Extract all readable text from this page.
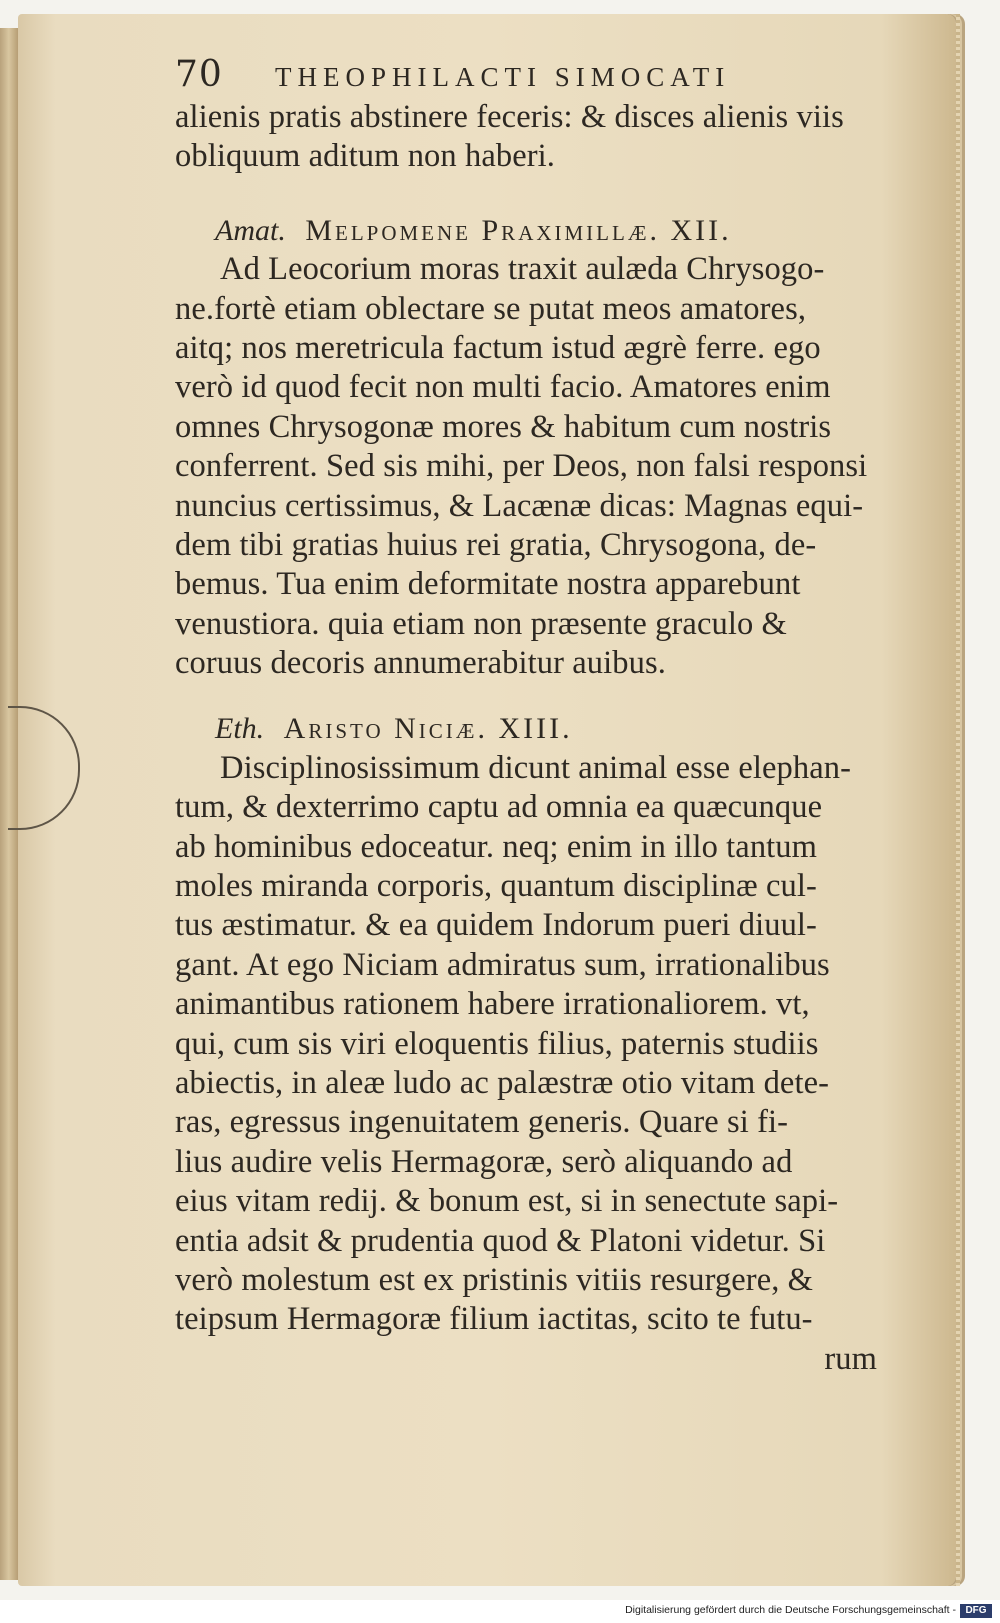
70	THEOPHILACTI SIMOCATI
alienis pratis abstinere feceris: & disces alienis viis
obliquum aditum non haberi.
Amat. Melpomene Praximillæ. XII.
Ad Leocorium moras traxit aulæda Chrysogo-
ne.fortè etiam oblectare se putat meos amatores,
aitq; nos meretricula factum istud ægrè ferre. ego
verò id quod fecit non multi facio. Amatores enim
omnes Chrysogonæ mores & habitum cum nostris
conferrent. Sed sis mihi, per Deos, non falsi responsi
nuncius certissimus, & Lacænæ dicas: Magnas equi-
dem tibi gratias huius rei gratia, Chrysogona, de-
bemus. Tua enim deformitate nostra apparebunt
venustiora. quia etiam non præsente graculo &
coruus decoris annumerabitur auibus.
Eth. Aristo Niciæ. XIII.
Disciplinosissimum dicunt animal esse elephan-
tum, & dexterrimo captu ad omnia ea quæcunque
ab hominibus edoceatur. neq; enim in illo tantum
moles miranda corporis, quantum disciplinæ cul-
tus æstimatur. & ea quidem Indorum pueri diuul-
gant. At ego Niciam admiratus sum, irrationalibus
animantibus rationem habere irrationaliorem. vt,
qui, cum sis viri eloquentis filius, paternis studiis
abiectis, in aleæ ludo ac palæstræ otio vitam dete-
ras, egressus ingenuitatem generis. Quare si fi-
lius audire velis Hermagoræ, serò aliquando ad
eius vitam redij. & bonum est, si in senectute sapi-
entia adsit & prudentia quod & Platoni videtur. Si
verò molestum est ex pristinis vitiis resurgere, &
teipsum Hermagoræ filium iactitas, scito te futu-
rum
Digitalisierung gefördert durch die Deutsche Forschungsgemeinschaft - DFG
